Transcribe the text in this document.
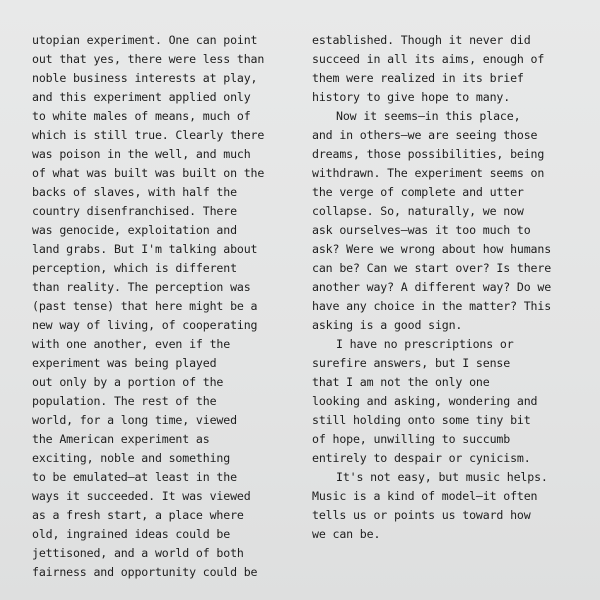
utopian experiment. One can point
out that yes, there were less than
noble business interests at play,
and this experiment applied only
to white males of means, much of
which is still true. Clearly there
was poison in the well, and much
of what was built was built on the
backs of slaves, with half the
country disenfranchised. There
was genocide, exploitation and
land grabs. But I'm talking about
perception, which is different
than reality. The perception was
(past tense) that here might be a
new way of living, of cooperating
with one another, even if the
experiment was being played
out only by a portion of the
population. The rest of the
world, for a long time, viewed
the American experiment as
exciting, noble and something
to be emulated—at least in the
ways it succeeded. It was viewed
as a fresh start, a place where
old, ingrained ideas could be
jettisoned, and a world of both
fairness and opportunity could be
established. Though it never did
succeed in all its aims, enough of
them were realized in its brief
history to give hope to many.
Now it seems—in this place,
and in others—we are seeing those
dreams, those possibilities, being
withdrawn. The experiment seems on
the verge of complete and utter
collapse. So, naturally, we now
ask ourselves—was it too much to
ask? Were we wrong about how humans
can be? Can we start over? Is there
another way? A different way? Do we
have any choice in the matter? This
asking is a good sign.
I have no prescriptions or
surefire answers, but I sense
that I am not the only one
looking and asking, wondering and
still holding onto some tiny bit
of hope, unwilling to succumb
entirely to despair or cynicism.
It's not easy, but music helps.
Music is a kind of model—it often
tells us or points us toward how
we can be.
